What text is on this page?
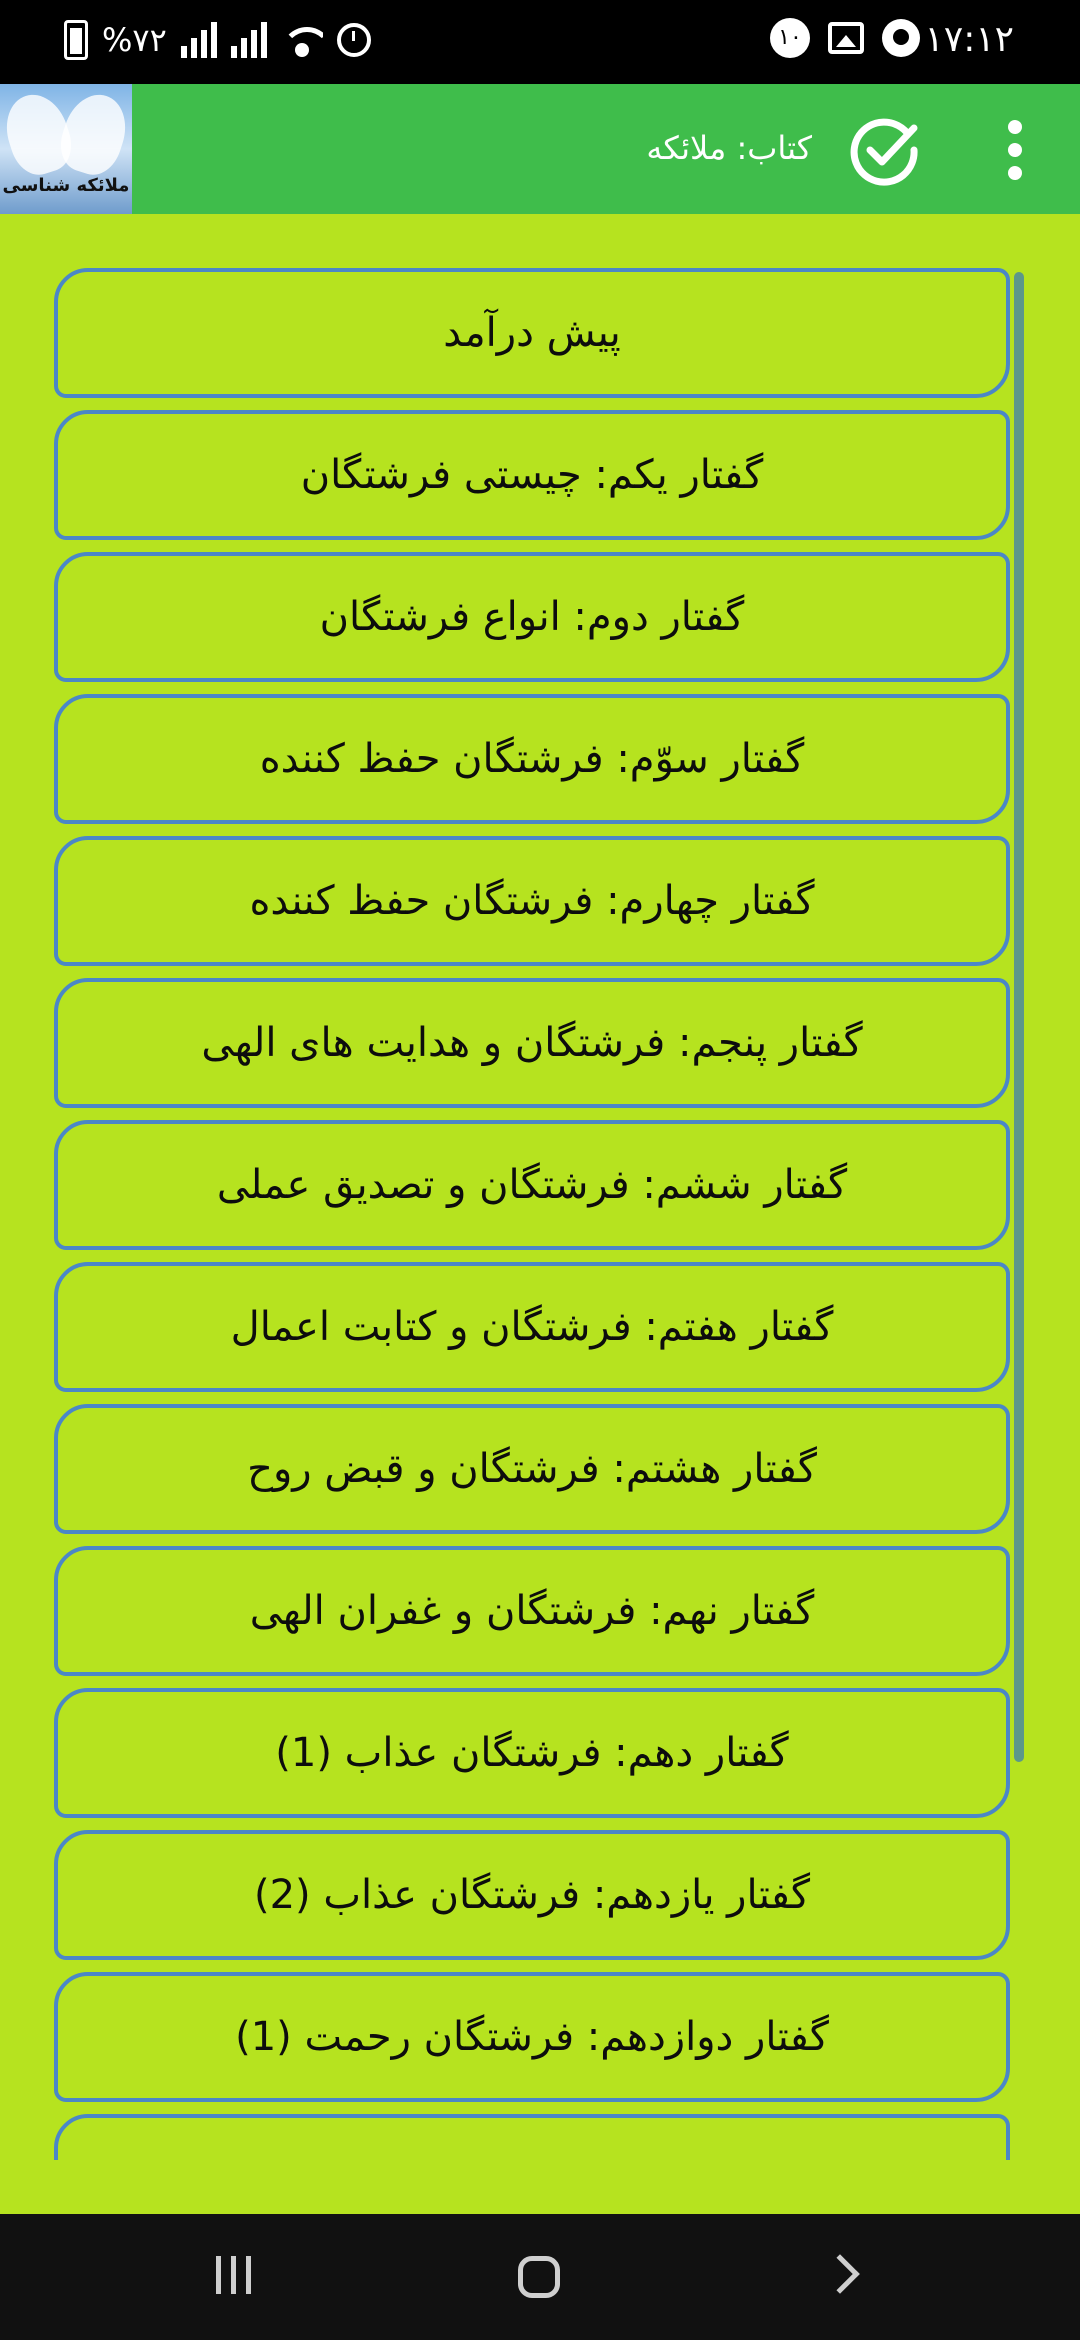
%۷۲	۱۰	۱۷:۱۲
ملائکه شناسی
کتاب: ملائکه
پیش درآمد
گفتار یکم: چیستی فرشتگان
گفتار دوم: انواع فرشتگان
گفتار سوّم: فرشتگان حفظ کننده
گفتار چهارم: فرشتگان حفظ کننده
گفتار پنجم: فرشتگان و هدایت های الهی
گفتار ششم: فرشتگان و تصدیق عملی
گفتار هفتم: فرشتگان و کتابت اعمال
گفتار هشتم: فرشتگان و قبض روح
گفتار نهم: فرشتگان و غفران الهی
گفتار دهم: فرشتگان عذاب (1)
گفتار یازدهم: فرشتگان عذاب (2)
گفتار دوازدهم: فرشتگان رحمت (1)
